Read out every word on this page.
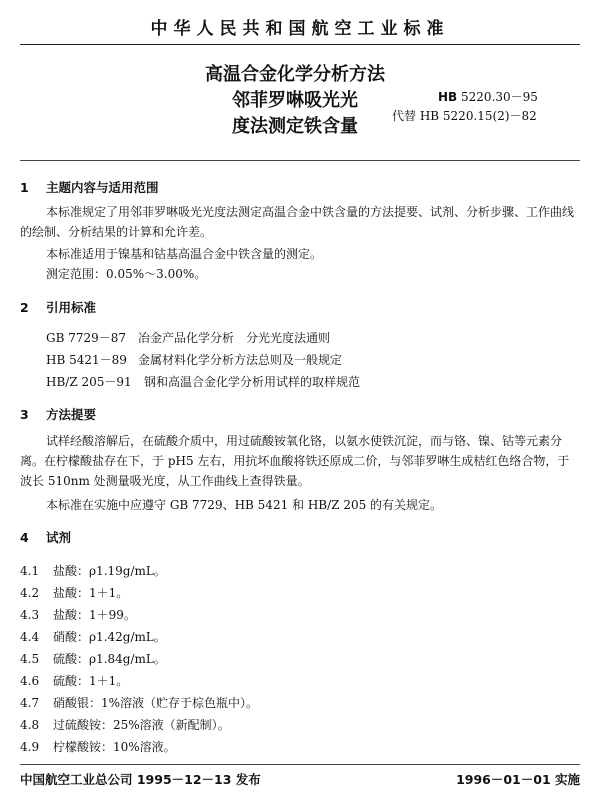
中华人民共和国航空工业标准
高温合金化学分析方法
邻菲罗啉吸光光
度法测定铁含量
HB 5220.30－95
代替 HB 5220.15(2)－82
1 主题内容与适用范围
本标准规定了用邻菲罗啉吸光光度法测定高温合金中铁含量的方法提要、试剂、分析步骤、工作曲线的绘制、分析结果的计算和允许差。
本标准适用于镍基和钴基高温合金中铁含量的测定。
测定范围：0.05%～3.00%。
2 引用标准
GB 7729－87 冶金产品化学分析　分光光度法通则
HB 5421－89 金属材料化学分析方法总则及一般规定
HB/Z 205－91 钢和高温合金化学分析用试样的取样规范
3 方法提要
试样经酸溶解后，在硫酸介质中，用过硫酸铵氧化铬，以氨水使铁沉淀，而与铬、镍、钴等元素分离。在柠檬酸盐存在下，于 pH5 左右，用抗坏血酸将铁还原成二价，与邻菲罗啉生成桔红色络合物，于波长 510nm 处测量吸光度，从工作曲线上查得铁量。
本标准在实施中应遵守 GB 7729、HB 5421 和 HB/Z 205 的有关规定。
4 试剂
4.1 盐酸：ρ1.19g/mL。
4.2 盐酸：1＋1。
4.3 盐酸：1＋99。
4.4 硝酸：ρ1.42g/mL。
4.5 硫酸：ρ1.84g/mL。
4.6 硫酸：1＋1。
4.7 硝酸银：1%溶液（贮存于棕色瓶中）。
4.8 过硫酸铵：25%溶液（新配制）。
4.9 柠檬酸铵：10%溶液。
中国航空工业总公司 1995－12－13 发布	1996－01－01 实施
